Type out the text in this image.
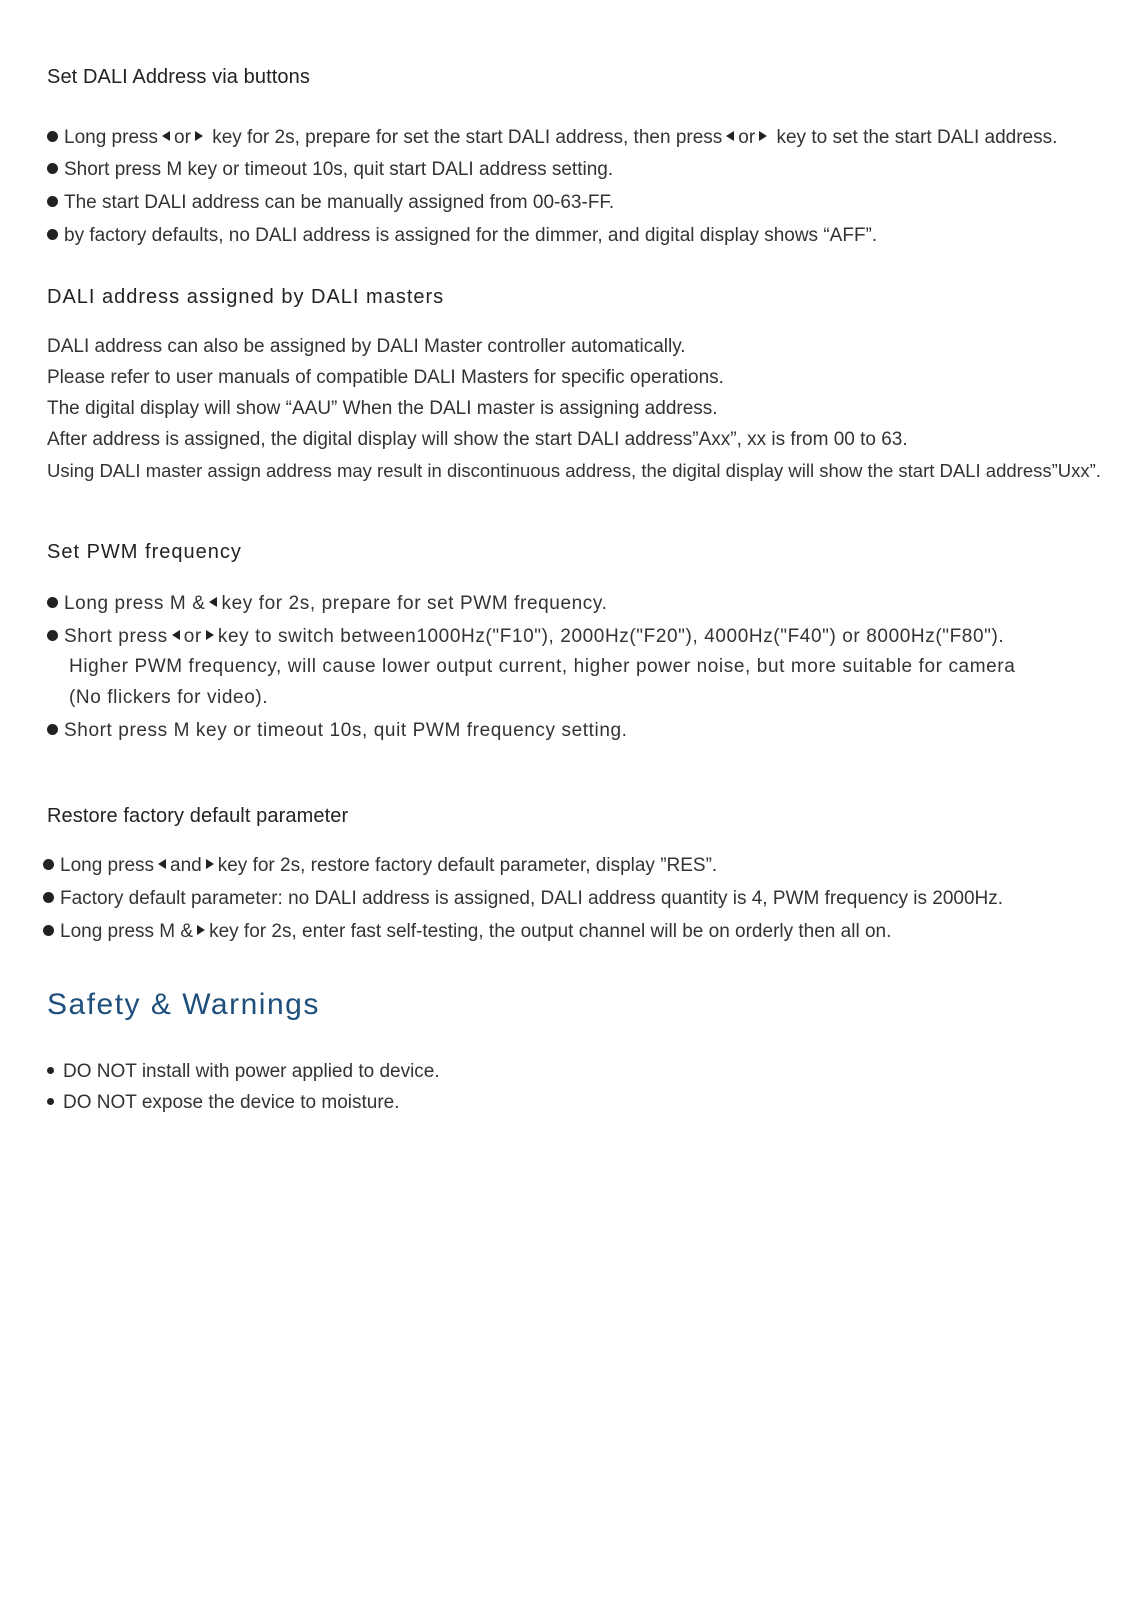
Set DALI Address via buttons
Long press or key for 2s, prepare for set the start DALI address, then press or key to set the start DALI address.
Short press M key or timeout 10s, quit start DALI address setting.
The start DALI address can be manually assigned from 00-63-FF.
by factory defaults, no DALI address is assigned for the dimmer, and digital display shows “AFF”.
DALI address assigned by DALI masters
DALI address can also be assigned by DALI Master controller automatically.
Please refer to user manuals of compatible DALI Masters for specific operations.
The digital display will show “AAU” When the DALI master is assigning address.
After address is assigned, the digital display will show the start DALI address”Axx”, xx is from 00 to 63.
Using DALI master assign address may result in discontinuous address, the digital display will show the start DALI address”Uxx”.
Set PWM frequency
Long press M & key for 2s, prepare for set PWM frequency.
Short press or key to switch between1000Hz("F10"), 2000Hz("F20"), 4000Hz("F40") or 8000Hz("F80").
Higher PWM frequency, will cause lower output current, higher power noise, but more suitable for camera
(No flickers for video).
Short press M key or timeout 10s, quit PWM frequency setting.
Restore factory default parameter
Long press and key for 2s, restore factory default parameter, display ”RES”.
Factory default parameter: no DALI address is assigned, DALI address quantity is 4, PWM frequency is 2000Hz.
Long press M & key for 2s, enter fast self-testing, the output channel will be on orderly then all on.
Safety & Warnings
DO NOT install with power applied to device.
DO NOT expose the device to moisture.
